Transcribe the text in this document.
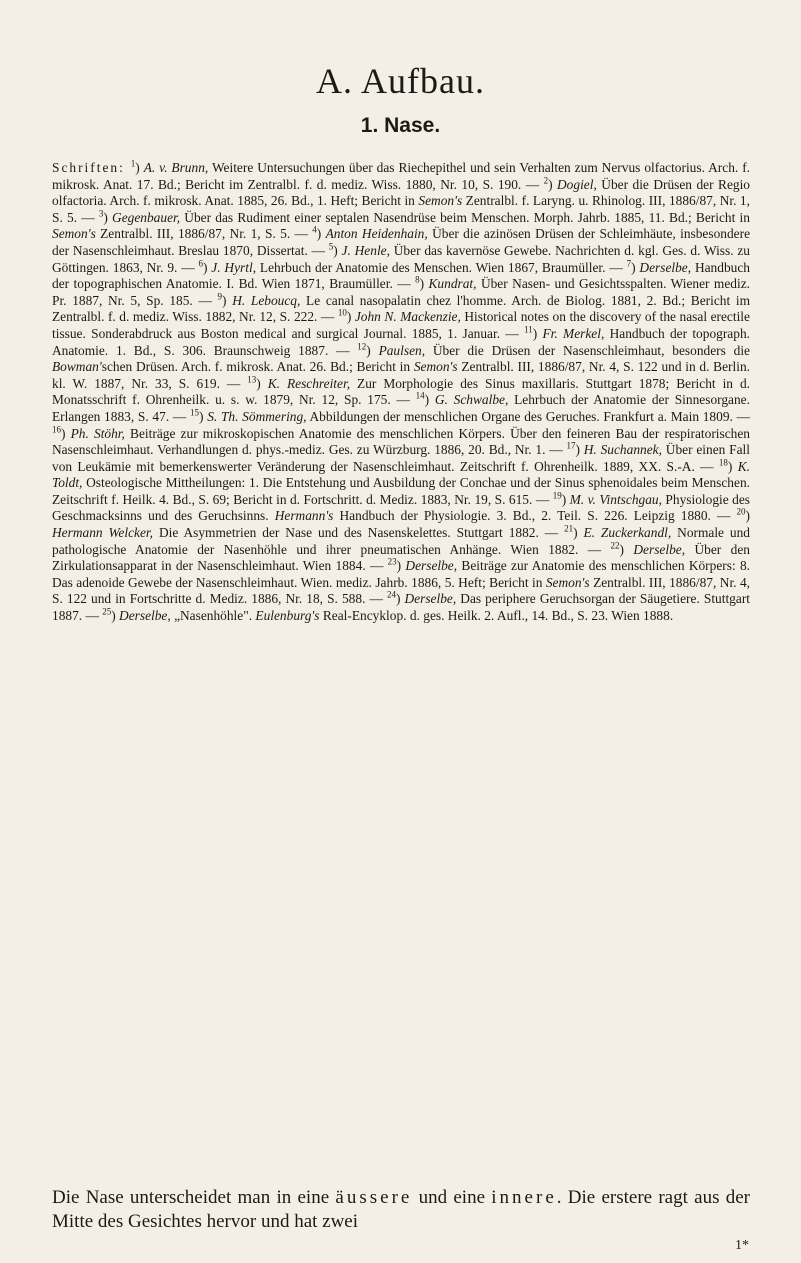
A. Aufbau.
1. Nase.
Schriften: $^1$) A. v. Brunn, Weitere Untersuchungen über das Riechepithel und sein Verhalten zum Nervus olfactorius. Arch. f. mikrosk. Anat. 17. Bd.; Bericht im Zentralbl. f. d. mediz. Wiss. 1880, Nr. 10, S. 190. — $^2$) Dogiel, Über die Drüsen der Regio olfactoria. Arch. f. mikrosk. Anat. 1885, 26. Bd., 1. Heft; Bericht in Semon's Zentralbl. f. Laryng. u. Rhinolog. III, 1886/87, Nr. 1, S. 5. — $^3$) Gegenbauer, Über das Rudiment einer septalen Nasendrüse beim Menschen. Morph. Jahrb. 1885, 11. Bd.; Bericht in Semon's Zentralbl. III, 1886/87, Nr. 1, S. 5. — $^4$) Anton Heidenhain, Über die azinösen Drüsen der Schleimhäute, insbesondere der Nasenschleimhaut. Breslau 1870, Dissertat. — $^5$) J. Henle, Über das kavernöse Gewebe. Nachrichten d. kgl. Ges. d. Wiss. zu Göttingen. 1863, Nr. 9. — $^6$) J. Hyrtl, Lehrbuch der Anatomie des Menschen. Wien 1867, Braumüller. — $^7$) Derselbe, Handbuch der topographischen Anatomie. I. Bd. Wien 1871, Braumüller. — $^8$) Kundrat, Über Nasen- und Gesichtsspalten. Wiener mediz. Pr. 1887, Nr. 5, Sp. 185. — $^9$) H. Leboucq, Le canal nasopalatin chez l'homme. Arch. de Biolog. 1881, 2. Bd.; Bericht im Zentralbl. f. d. mediz. Wiss. 1882, Nr. 12, S. 222. — $^{10}$) John N. Mackenzie, Historical notes on the discovery of the nasal erectile tissue. Sonderabdruck aus Boston medical and surgical Journal. 1885, 1. Januar. — $^{11}$) Fr. Merkel, Handbuch der topograph. Anatomie. 1. Bd., S. 306. Braunschweig 1887. — $^{12}$) Paulsen, Über die Drüsen der Nasenschleimhaut, besonders die Bowman'schen Drüsen. Arch. f. mikrosk. Anat. 26. Bd.; Bericht in Semon's Zentralbl. III, 1886/87, Nr. 4, S. 122 und in d. Berlin. kl. W. 1887, Nr. 33, S. 619. — $^{13}$) K. Reschreiter, Zur Morphologie des Sinus maxillaris. Stuttgart 1878; Bericht in d. Monatsschrift f. Ohrenheilk. u. s. w. 1879, Nr. 12, Sp. 175. — $^{14}$) G. Schwalbe, Lehrbuch der Anatomie der Sinnesorgane. Erlangen 1883, S. 47. — $^{15}$) S. Th. Sömmering, Abbildungen der menschlichen Organe des Geruches. Frankfurt a. Main 1809. — $^{16}$) Ph. Stöhr, Beiträge zur mikroskopischen Anatomie des menschlichen Körpers. Über den feineren Bau der respiratorischen Nasenschleimhaut. Verhandlungen d. phys.-mediz. Ges. zu Würzburg. 1886, 20. Bd., Nr. 1. — $^{17}$) H. Suchannek, Über einen Fall von Leukämie mit bemerkenswerter Veränderung der Nasenschleimhaut. Zeitschrift f. Ohrenheilk. 1889, XX. S.-A. — $^{18}$) K. Toldt, Osteologische Mittheilungen: 1. Die Entstehung und Ausbildung der Conchae und der Sinus sphenoidales beim Menschen. Zeitschrift f. Heilk. 4. Bd., S. 69; Bericht in d. Fortschritt. d. Mediz. 1883, Nr. 19, S. 615. — $^{19}$) M. v. Vintschgau, Physiologie des Geschmacksinns und des Geruchsinns. Hermann's Handbuch der Physiologie. 3. Bd., 2. Teil. S. 226. Leipzig 1880. — $^{20}$) Hermann Welcker, Die Asymmetrien der Nase und des Nasenskelettes. Stuttgart 1882. — $^{21}$) E. Zuckerkandl, Normale und pathologische Anatomie der Nasenhöhle und ihrer pneumatischen Anhänge. Wien 1882. — $^{22}$) Derselbe, Über den Zirkulationsapparat in der Nasenschleimhaut. Wien 1884. — $^{23}$) Derselbe, Beiträge zur Anatomie des menschlichen Körpers: 8. Das adenoide Gewebe der Nasenschleimhaut. Wien. mediz. Jahrb. 1886, 5. Heft; Bericht in Semon's Zentralbl. III, 1886/87, Nr. 4, S. 122 und in Fortschritte d. Mediz. 1886, Nr. 18, S. 588. — $^{24}$) Derselbe, Das periphere Geruchsorgan der Säugetiere. Stuttgart 1887. — $^{25}$) Derselbe, „Nasenhöhle". Eulenburg's Real-Encyklop. d. ges. Heilk. 2. Aufl., 14. Bd., S. 23. Wien 1888.
Die Nase unterscheidet man in eine äussere und eine innere. Die erstere ragt aus der Mitte des Gesichtes hervor und hat zwei
1*
